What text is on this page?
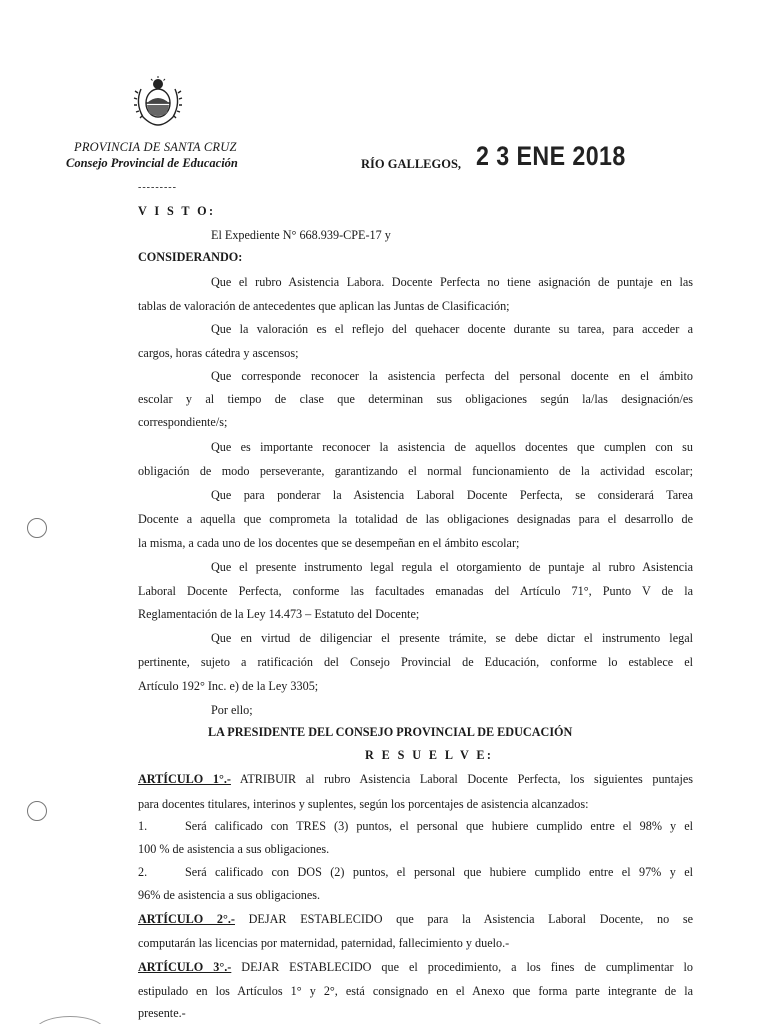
PROVINCIA DE SANTA CRUZ
Consejo Provincial de Educación
---------
RÍO GALLEGOS, 2 3 ENE 2018
V I S T O:
El Expediente N° 668.939-CPE-17 y
CONSIDERANDO:
Que el rubro Asistencia Labora. Docente Perfecta no tiene asignación de puntaje en las
tablas de valoración de antecedentes que aplican las Juntas de Clasificación;
Que la valoración es el reflejo del quehacer docente durante su tarea, para acceder a
cargos, horas cátedra y ascensos;
Que corresponde reconocer la asistencia perfecta del personal docente en el ámbito
escolar y al tiempo de clase que determinan sus obligaciones según la/las designación/es
correspondiente/s;
Que es importante reconocer la asistencia de aquellos docentes que cumplen con su
obligación de modo perseverante, garantizando el normal funcionamiento de la actividad escolar;
Que para ponderar la Asistencia Laboral Docente Perfecta, se considerará Tarea
Docente a aquella que comprometa la totalidad de las obligaciones designadas para el desarrollo de
la misma, a cada uno de los docentes que se desempeñan en el ámbito escolar;
Que el presente instrumento legal regula el otorgamiento de puntaje al rubro Asistencia
Laboral Docente Perfecta, conforme las facultades emanadas del Artículo 71°, Punto V de la
Reglamentación de la Ley 14.473 – Estatuto del Docente;
Que en virtud de diligenciar el presente trámite, se debe dictar el instrumento legal
pertinente, sujeto a ratificación del Consejo Provincial de Educación, conforme lo establece el
Artículo 192° Inc. e) de la Ley 3305;
Por ello;
LA PRESIDENTE DEL CONSEJO PROVINCIAL DE EDUCACIÓN
R E S U E L V E:
ARTÍCULO 1°.- ATRIBUIR al rubro Asistencia Laboral Docente Perfecta, los siguientes puntajes
para docentes titulares, interinos y suplentes, según los porcentajes de asistencia alcanzados:
1.	Será calificado con TRES (3) puntos, el personal que hubiere cumplido entre el 98% y el
100 % de asistencia a sus obligaciones.
2.	Será calificado con DOS (2) puntos, el personal que hubiere cumplido entre el 97% y el
96% de asistencia a sus obligaciones.
ARTÍCULO 2°.- DEJAR ESTABLECIDO que para la Asistencia Laboral Docente, no se
computarán las licencias por maternidad, paternidad, fallecimiento y duelo.-
ARTÍCULO 3°.- DEJAR ESTABLECIDO que el procedimiento, a los fines de cumplimentar lo
estipulado en los Artículos 1° y 2°, está consignado en el Anexo que forma parte integrante de la
presente.-
